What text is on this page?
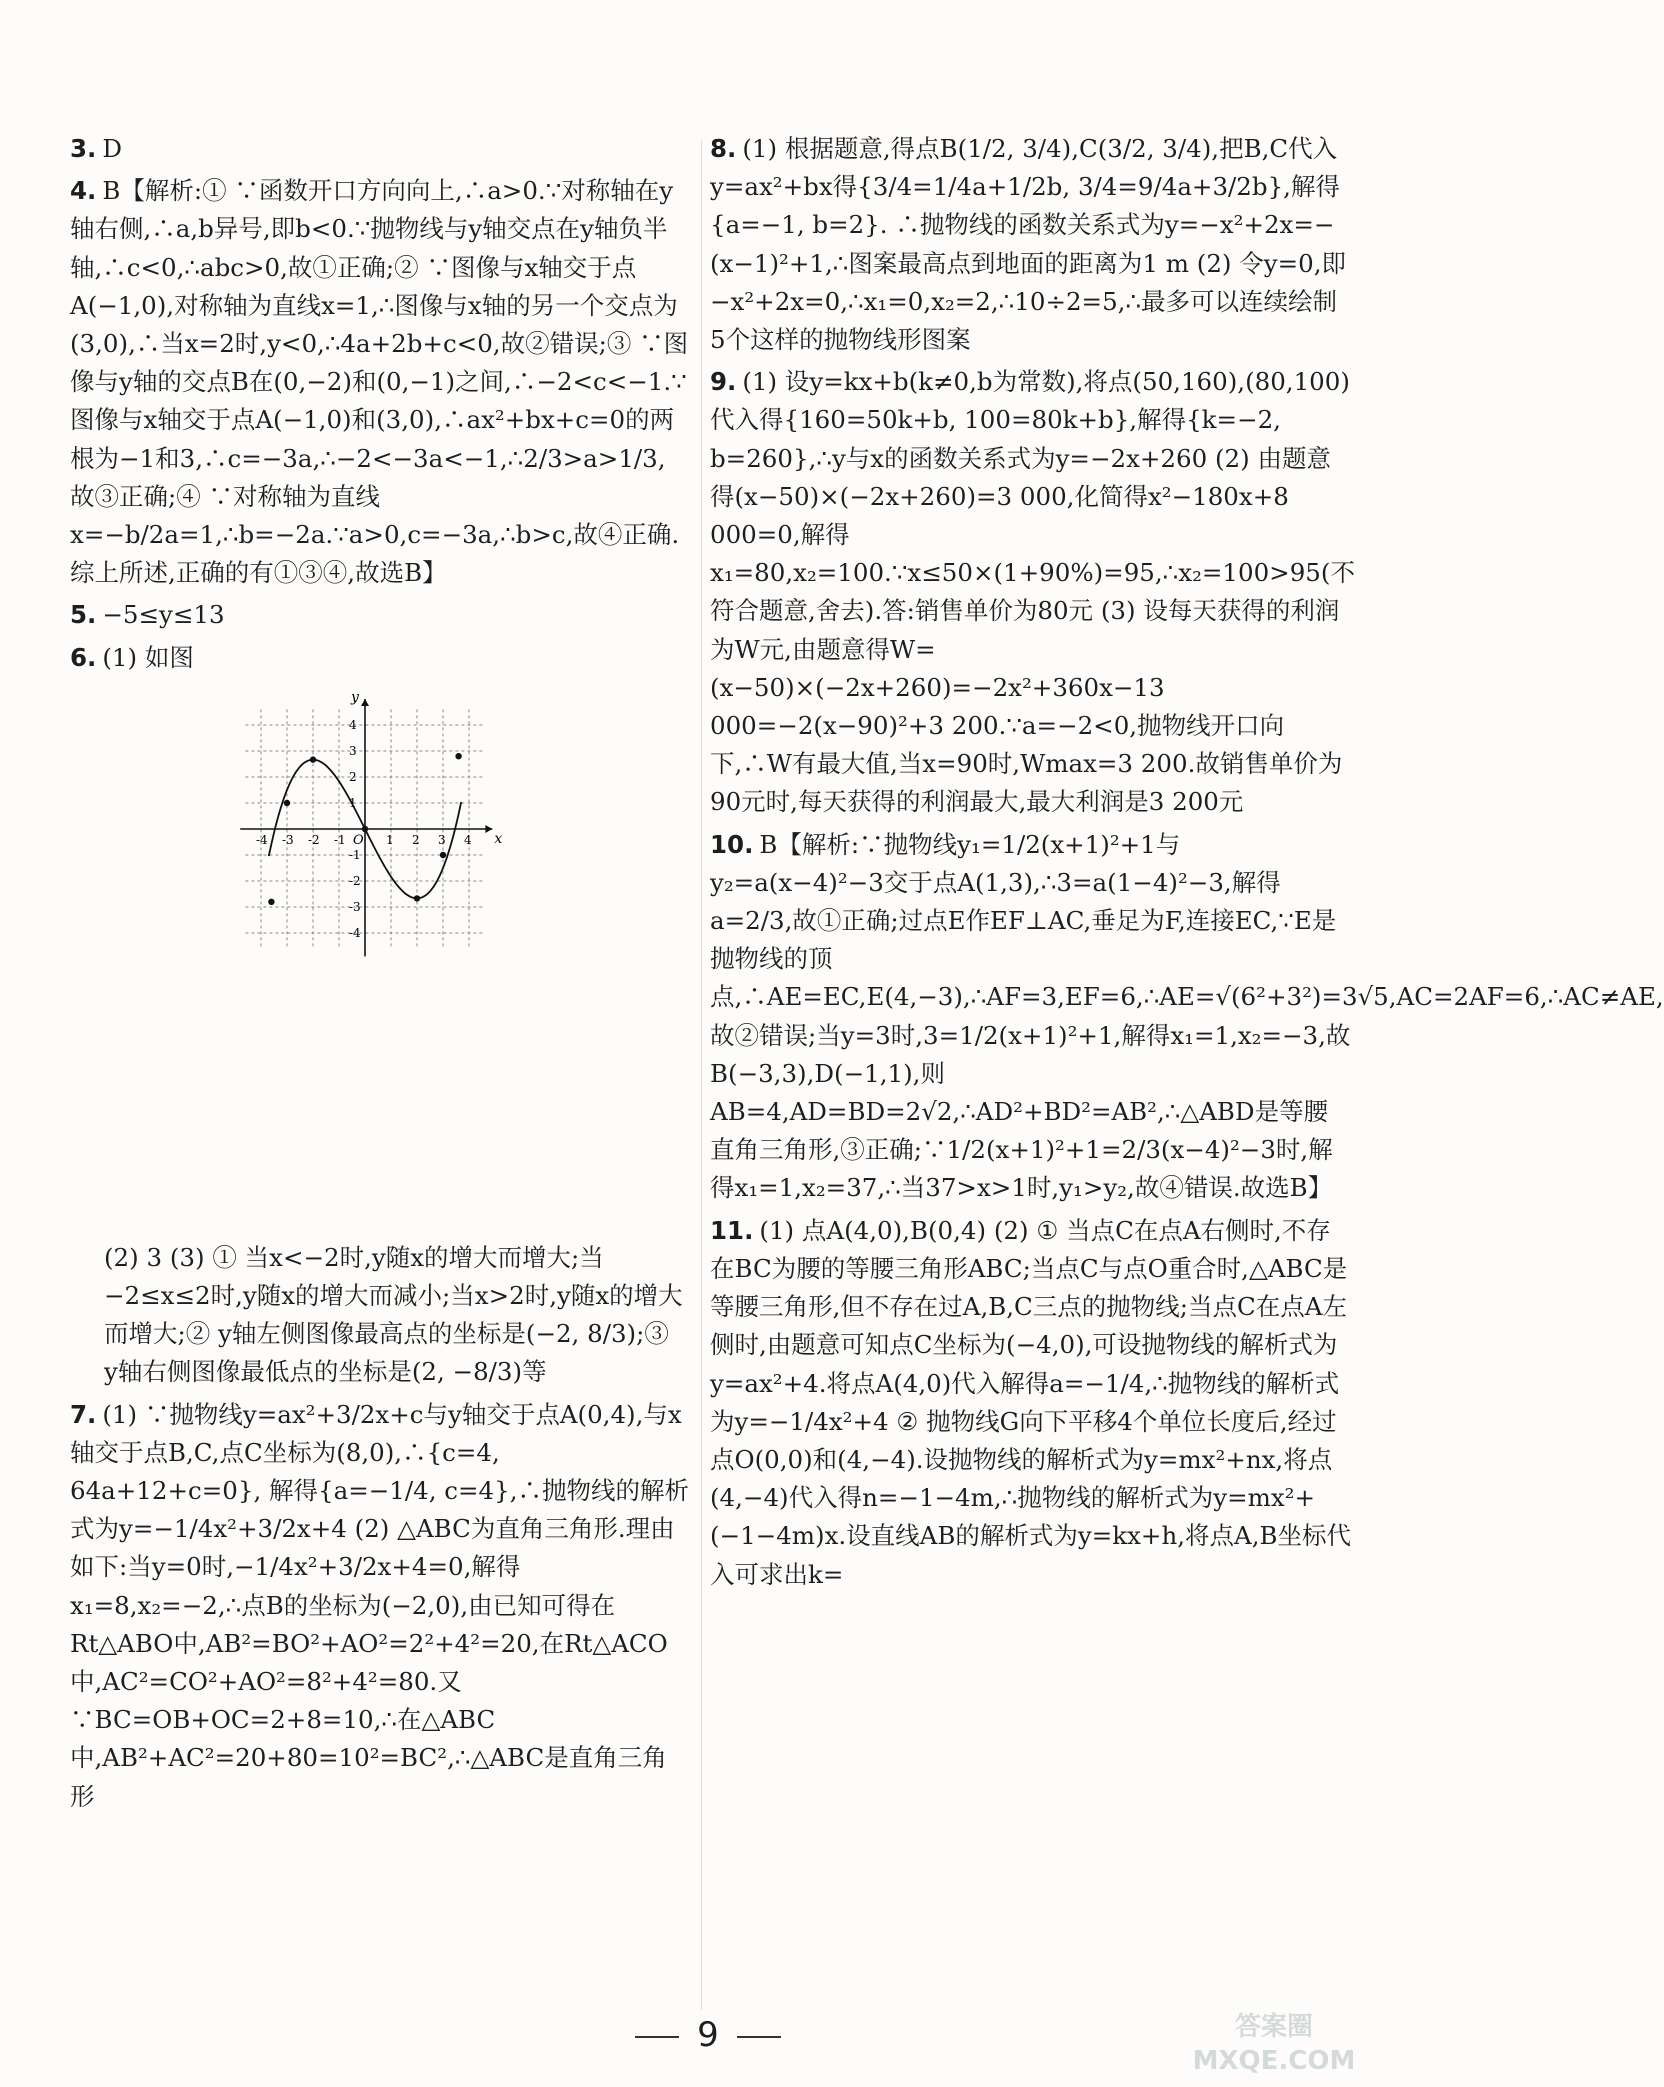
3. D
4. B【解析:① ∵函数开口方向向上,∴a>0.∵对称轴在y轴右侧,∴a,b异号,即b<0.∵抛物线与y轴交点在y轴负半轴,∴c<0,∴abc>0,故①正确;② ∵图像与x轴交于点A(−1,0),对称轴为直线x=1,∴图像与x轴的另一个交点为(3,0),∴当x=2时,y<0,∴4a+2b+c<0,故②错误;③ ∵图像与y轴的交点B在(0,−2)和(0,−1)之间,∴−2<c<−1.∵图像与x轴交于点A(−1,0)和(3,0),∴ax²+bx+c=0的两根为−1和3,∴c=−3a,∴−2<−3a<−1,∴2/3>a>1/3,故③正确;④ ∵对称轴为直线x=−b/2a=1,∴b=−2a.∵a>0,c=−3a,∴b>c,故④正确.综上所述,正确的有①③④,故选B】
5. −5≤y≤13
6. (1) 如图
x
y
O
-4 -3 -2 -1	1 2 3 4
4
3
2
1
-1
-2
-3
-4
(2) 3 (3) ① 当x<−2时,y随x的增大而增大;当−2≤x≤2时,y随x的增大而减小;当x>2时,y随x的增大而增大;② y轴左侧图像最高点的坐标是(−2, 8/3);③ y轴右侧图像最低点的坐标是(2, −8/3)等
7. (1) ∵抛物线y=ax²+3/2x+c与y轴交于点A(0,4),与x轴交于点B,C,点C坐标为(8,0),∴{c=4, 64a+12+c=0}, 解得{a=−1/4, c=4},∴抛物线的解析式为y=−1/4x²+3/2x+4 (2) △ABC为直角三角形.理由如下:当y=0时,−1/4x²+3/2x+4=0,解得x₁=8,x₂=−2,∴点B的坐标为(−2,0),由已知可得在Rt△ABO中,AB²=BO²+AO²=2²+4²=20,在Rt△ACO中,AC²=CO²+AO²=8²+4²=80.又∵BC=OB+OC=2+8=10,∴在△ABC中,AB²+AC²=20+80=10²=BC²,∴△ABC是直角三角形
8. (1) 根据题意,得点B(1/2, 3/4),C(3/2, 3/4),把B,C代入y=ax²+bx得{3/4=1/4a+1/2b, 3/4=9/4a+3/2b},解得{a=−1, b=2}. ∴抛物线的函数关系式为y=−x²+2x=−(x−1)²+1,∴图案最高点到地面的距离为1 m (2) 令y=0,即−x²+2x=0,∴x₁=0,x₂=2,∴10÷2=5,∴最多可以连续绘制5个这样的抛物线形图案
9. (1) 设y=kx+b(k≠0,b为常数),将点(50,160),(80,100)代入得{160=50k+b, 100=80k+b},解得{k=−2, b=260},∴y与x的函数关系式为y=−2x+260 (2) 由题意得(x−50)×(−2x+260)=3 000,化简得x²−180x+8 000=0,解得x₁=80,x₂=100.∵x≤50×(1+90%)=95,∴x₂=100>95(不符合题意,舍去).答:销售单价为80元 (3) 设每天获得的利润为W元,由题意得W=(x−50)×(−2x+260)=−2x²+360x−13 000=−2(x−90)²+3 200.∵a=−2<0,抛物线开口向下,∴W有最大值,当x=90时,Wmax=3 200.故销售单价为90元时,每天获得的利润最大,最大利润是3 200元
10. B【解析:∵抛物线y₁=1/2(x+1)²+1与y₂=a(x−4)²−3交于点A(1,3),∴3=a(1−4)²−3,解得a=2/3,故①正确;过点E作EF⊥AC,垂足为F,连接EC,∵E是抛物线的顶点,∴AE=EC,E(4,−3),∴AF=3,EF=6,∴AE=√(6²+3²)=3√5,AC=2AF=6,∴AC≠AE,故②错误;当y=3时,3=1/2(x+1)²+1,解得x₁=1,x₂=−3,故B(−3,3),D(−1,1),则AB=4,AD=BD=2√2,∴AD²+BD²=AB²,∴△ABD是等腰直角三角形,③正确;∵1/2(x+1)²+1=2/3(x−4)²−3时,解得x₁=1,x₂=37,∴当37>x>1时,y₁>y₂,故④错误.故选B】
11. (1) 点A(4,0),B(0,4) (2) ① 当点C在点A右侧时,不存在BC为腰的等腰三角形ABC;当点C与点O重合时,△ABC是等腰三角形,但不存在过A,B,C三点的抛物线;当点C在点A左侧时,由题意可知点C坐标为(−4,0),可设抛物线的解析式为y=ax²+4.将点A(4,0)代入解得a=−1/4,∴抛物线的解析式为y=−1/4x²+4 ② 抛物线G向下平移4个单位长度后,经过点O(0,0)和(4,−4).设抛物线的解析式为y=mx²+nx,将点(4,−4)代入得n=−1−4m,∴抛物线的解析式为y=mx²+(−1−4m)x.设直线AB的解析式为y=kx+h,将点A,B坐标代入可求出k=
9	答案圈
MXQE.COM
